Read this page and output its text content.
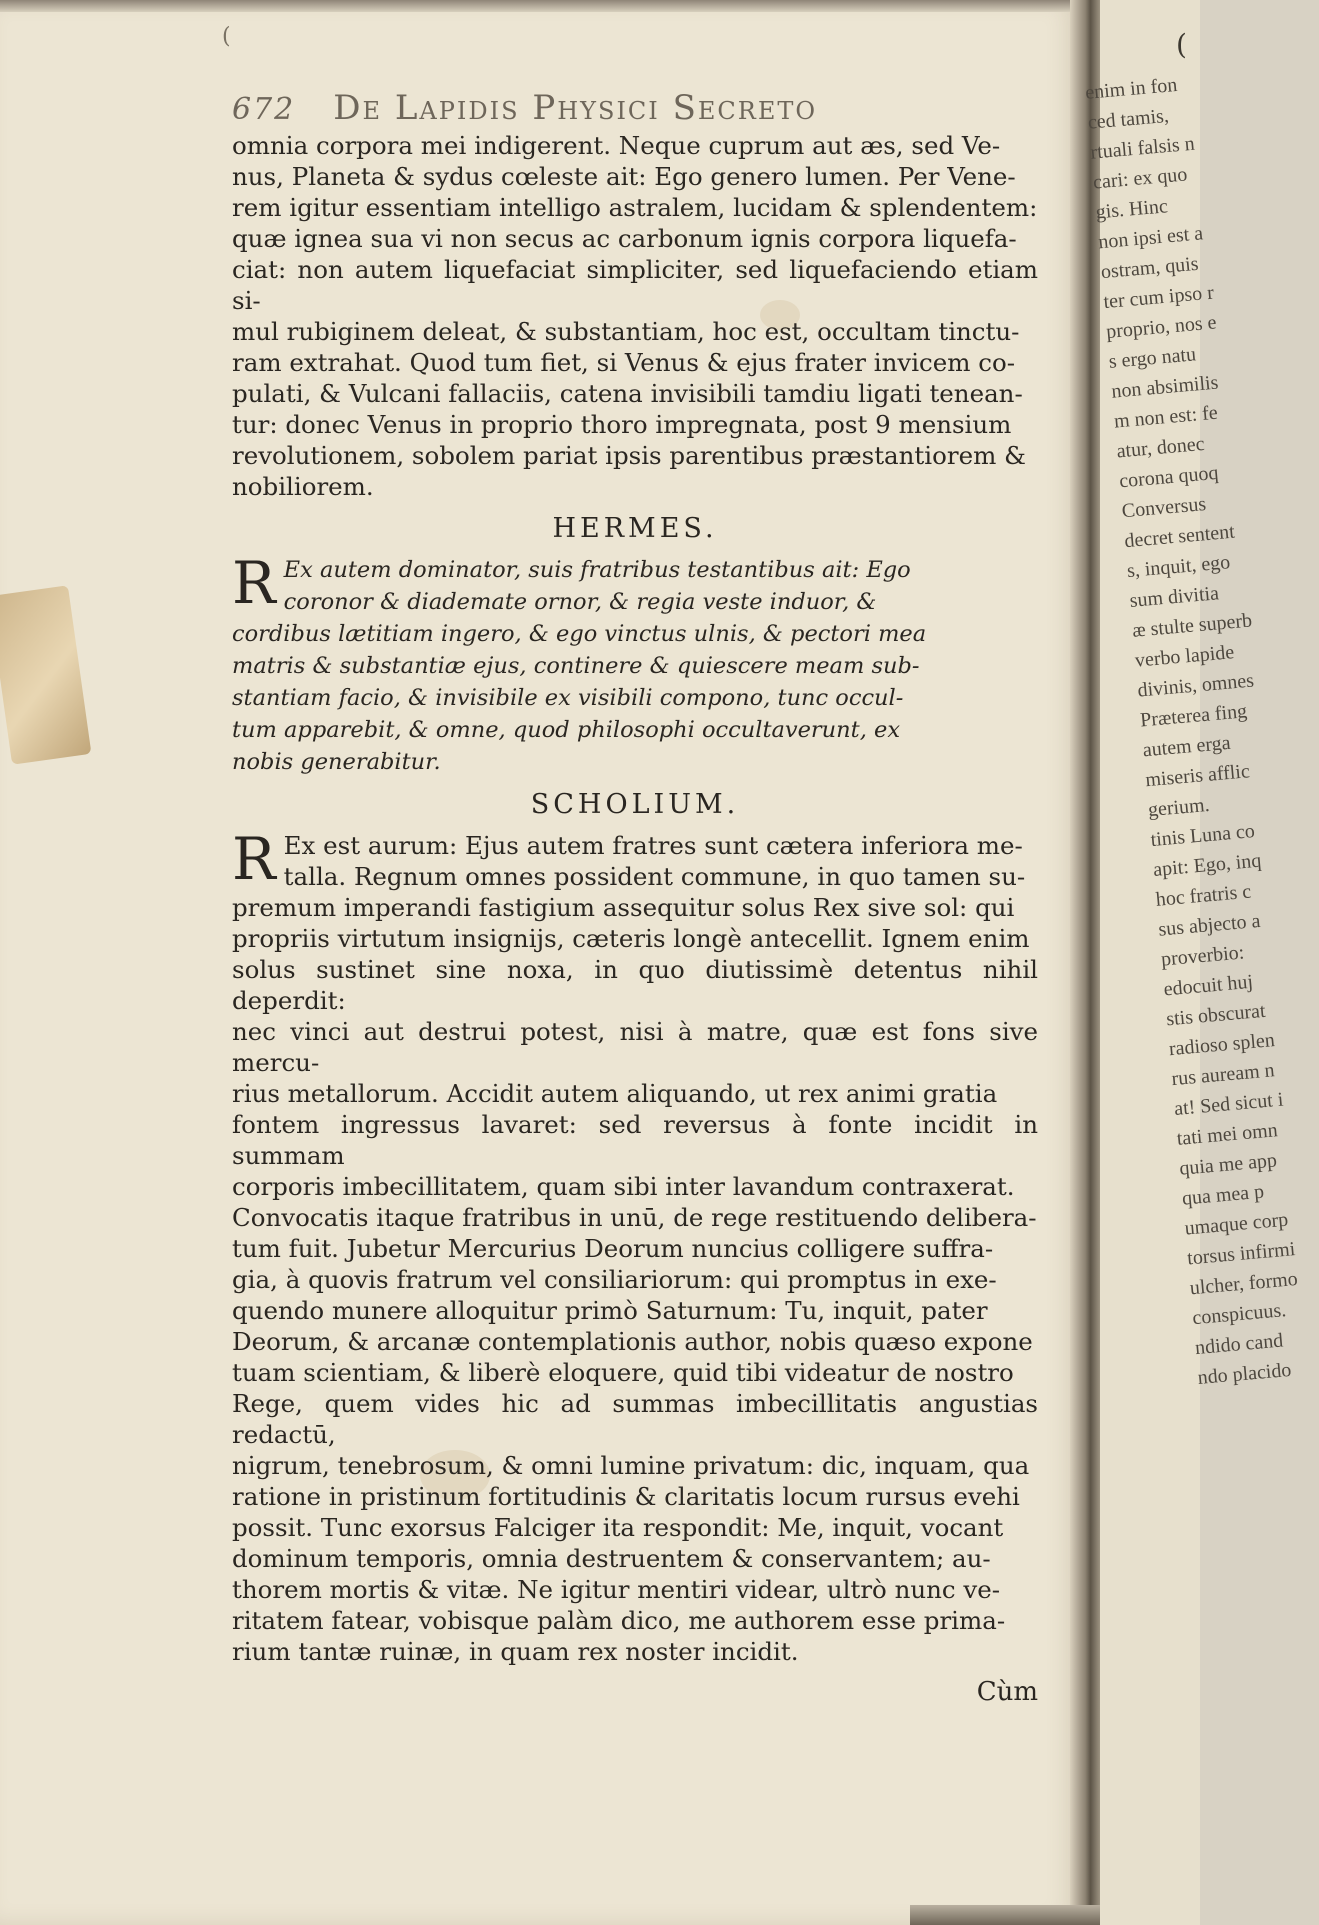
(
672 De Lapidis Physici Secreto

omnia corpora mei indigerent. Neque cuprum aut æs, sed Ve-

nus, Planeta & sydus cœleste ait: Ego genero lumen. Per Vene-

rem igitur essentiam intelligo astralem, lucidam & splendentem:

quæ ignea sua vi non secus ac carbonum ignis corpora liquefa-

ciat: non autem liquefaciat simpliciter, sed liquefaciendo etiam si-

mul rubiginem deleat, & substantiam, hoc est, occultam tinctu-

ram extrahat. Quod tum fiet, si Venus & ejus frater invicem co-

pulati, & Vulcani fallaciis, catena invisibili tamdiu ligati tenean-

tur: donec Venus in proprio thoro impregnata, post 9 mensium

revolutionem, sobolem pariat ipsis parentibus præstantiorem &

nobiliorem.

HERMES.
R Ex autem dominator, suis fratribus testantibus ait: Ego

coronor & diademate ornor, & regia veste induor, &

cordibus lætitiam ingero, & ego vinctus ulnis, & pectori mea

matris & substantiæ ejus, continere & quiescere meam sub-

stantiam facio, & invisibile ex visibili compono, tunc occul-

tum apparebit, & omne, quod philosophi occultaverunt, ex

nobis generabitur.

SCHOLIUM.
R Ex est aurum: Ejus autem fratres sunt cætera inferiora me-

talla. Regnum omnes possident commune, in quo tamen su-

premum imperandi fastigium assequitur solus Rex sive sol: qui

propriis virtutum insignijs, cæteris longè antecellit. Ignem enim

solus sustinet sine noxa, in quo diutissimè detentus nihil deperdit:

nec vinci aut destrui potest, nisi à matre, quæ est fons sive mercu-

rius metallorum. Accidit autem aliquando, ut rex animi gratia

fontem ingressus lavaret: sed reversus à fonte incidit in summam

corporis imbecillitatem, quam sibi inter lavandum contraxerat.

Convocatis itaque fratribus in unū, de rege restituendo delibera-

tum fuit. Jubetur Mercurius Deorum nuncius colligere suffra-

gia, à quovis fratrum vel consiliariorum: qui promptus in exe-

quendo munere alloquitur primò Saturnum: Tu, inquit, pater

Deorum, & arcanæ contemplationis author, nobis quæso expone

tuam scientiam, & liberè eloquere, quid tibi videatur de nostro

Rege, quem vides hic ad summas imbecillitatis angustias redactū,

nigrum, tenebrosum, & omni lumine privatum: dic, inquam, qua

ratione in pristinum fortitudinis & claritatis locum rursus evehi

possit. Tunc exorsus Falciger ita respondit: Me, inquit, vocant

dominum temporis, omnia destruentem & conservantem; au-

thorem mortis & vitæ. Ne igitur mentiri videar, ultrò nunc ve-

ritatem fatear, vobisque palàm dico, me authorem esse prima-

rium tantæ ruinæ, in quam rex noster incidit.

Cùm
enim in fon
ced tamis,
rtuali falsis n
cari: ex quo
gis. Hinc
non ipsi est a
ostram, quis
ter cum ipso r
proprio, nos e
s ergo natu
non absimilis
m non est: fe
atur, donec
corona quoq
Conversus
decret sentent
s, inquit, ego
sum divitia
æ stulte superb
verbo lapide
divinis, omnes
Præterea fing
autem erga
miseris afflic
gerium.
tinis Luna co
apit: Ego, inq
hoc fratris c
sus abjecto a
proverbio:
edocuit huj
stis obscurat
radioso splen
rus auream n
at! Sed sicut i
tati mei omn
quia me app
qua mea p
umaque corp
torsus infirmi
ulcher, formo
conspicuus.
ndido cand
ndo placido
(
